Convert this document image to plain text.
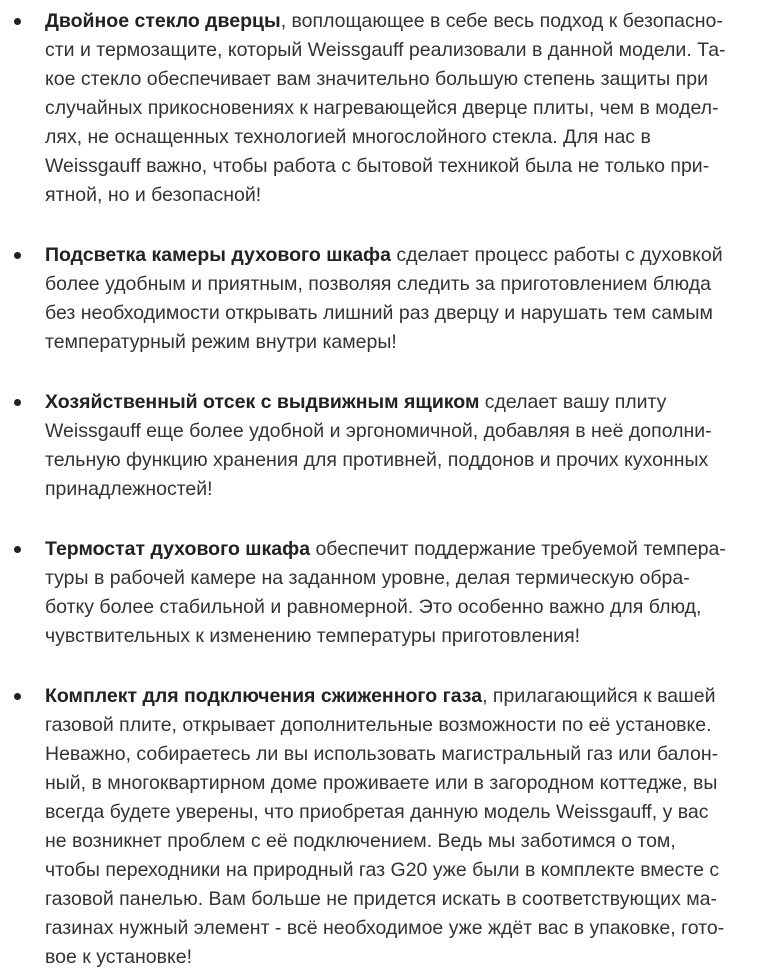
Двойное стекло дверцы, воплощающее в себе весь подход к безопасно-
сти и термозащите, который Weissgauff реализовали в данной модели. Та-
кое стекло обеспечивает вам значительно большую степень защиты при
случайных прикосновениях к нагревающейся дверце плиты, чем в модел-
лях, не оснащенных технологией многослойного стекла. Для нас в
Weissgauff важно, чтобы работа с бытовой техникой была не только при-
ятной, но и безопасной!
Подсветка камеры духового шкафа сделает процесс работы с духовкой
более удобным и приятным, позволяя следить за приготовлением блюда
без необходимости открывать лишний раз дверцу и нарушать тем самым
температурный режим внутри камеры!
Хозяйственный отсек с выдвижным ящиком сделает вашу плиту
Weissgauff еще более удобной и эргономичной, добавляя в неё дополни-
тельную функцию хранения для противней, поддонов и прочих кухонных
принадлежностей!
Термостат духового шкафа обеспечит поддержание требуемой темпера-
туры в рабочей камере на заданном уровне, делая термическую обра-
ботку более стабильной и равномерной. Это особенно важно для блюд,
чувствительных к изменению температуры приготовления!
Комплект для подключения сжиженного газа, прилагающийся к вашей
газовой плите, открывает дополнительные возможности по её установке.
Неважно, собираетесь ли вы использовать магистральный газ или балон-
ный, в многоквартирном доме проживаете или в загородном коттедже, вы
всегда будете уверены, что приобретая данную модель Weissgauff, у вас
не возникнет проблем с её подключением. Ведь мы заботимся о том,
чтобы переходники на природный газ G20 уже были в комплекте вместе с
газовой панелью. Вам больше не придется искать в соответствующих ма-
газинах нужный элемент - всё необходимое уже ждёт вас в упаковке, гото-
вое к установке!
